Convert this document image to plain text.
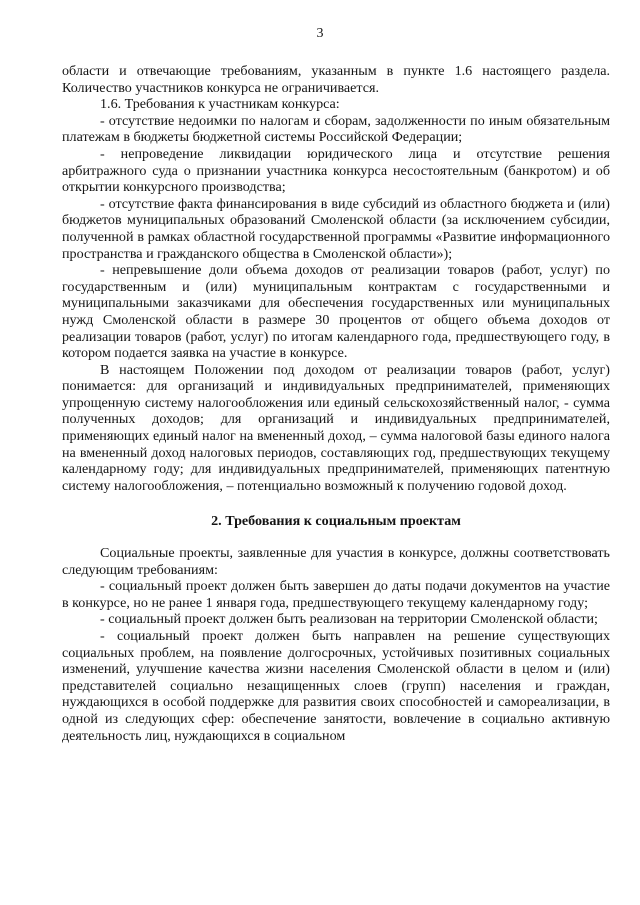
3

области и отвечающие требованиям, указанным в пункте 1.6 настоящего раздела. Количество участников конкурса не ограничивается.

1.6. Требования к участникам конкурса:

- отсутствие недоимки по налогам и сборам, задолженности по иным обязательным платежам в бюджеты бюджетной системы Российской Федерации;

- непроведение ликвидации юридического лица и отсутствие решения арбитражного суда о признании участника конкурса несостоятельным (банкротом) и об открытии конкурсного производства;

- отсутствие факта финансирования в виде субсидий из областного бюджета и (или) бюджетов муниципальных образований Смоленской области (за исключением субсидии, полученной в рамках областной государственной программы «Развитие информационного пространства и гражданского общества в Смоленской области»);

- непревышение доли объема доходов от реализации товаров (работ, услуг) по государственным и (или) муниципальным контрактам с государственными и муниципальными заказчиками для обеспечения государственных или муниципальных нужд Смоленской области в размере 30 процентов от общего объема доходов от реализации товаров (работ, услуг) по итогам календарного года, предшествующего году, в котором подается заявка на участие в конкурсе.

В настоящем Положении под доходом от реализации товаров (работ, услуг) понимается: для организаций и индивидуальных предпринимателей, применяющих упрощенную систему налогообложения или единый сельскохозяйственный налог, - сумма полученных доходов; для организаций и индивидуальных предпринимателей, применяющих единый налог на вмененный доход, – сумма налоговой базы единого налога на вмененный доход налоговых периодов, составляющих год, предшествующих текущему календарному году; для индивидуальных предпринимателей, применяющих патентную систему налогообложения, – потенциально возможный к получению годовой доход.

2. Требования к социальным проектам

Социальные проекты, заявленные для участия в конкурсе, должны соответствовать следующим требованиям:

- социальный проект должен быть завершен до даты подачи документов на участие в конкурсе, но не ранее 1 января года, предшествующего текущему календарному году;

- социальный проект должен быть реализован на территории Смоленской области;

- социальный проект должен быть направлен на решение существующих социальных проблем, на появление долгосрочных, устойчивых позитивных социальных изменений, улучшение качества жизни населения Смоленской области в целом и (или) представителей социально незащищенных слоев (групп) населения и граждан, нуждающихся в особой поддержке для развития своих способностей и самореализации, в одной из следующих сфер: обеспечение занятости, вовлечение в социально активную деятельность лиц, нуждающихся в социальном
